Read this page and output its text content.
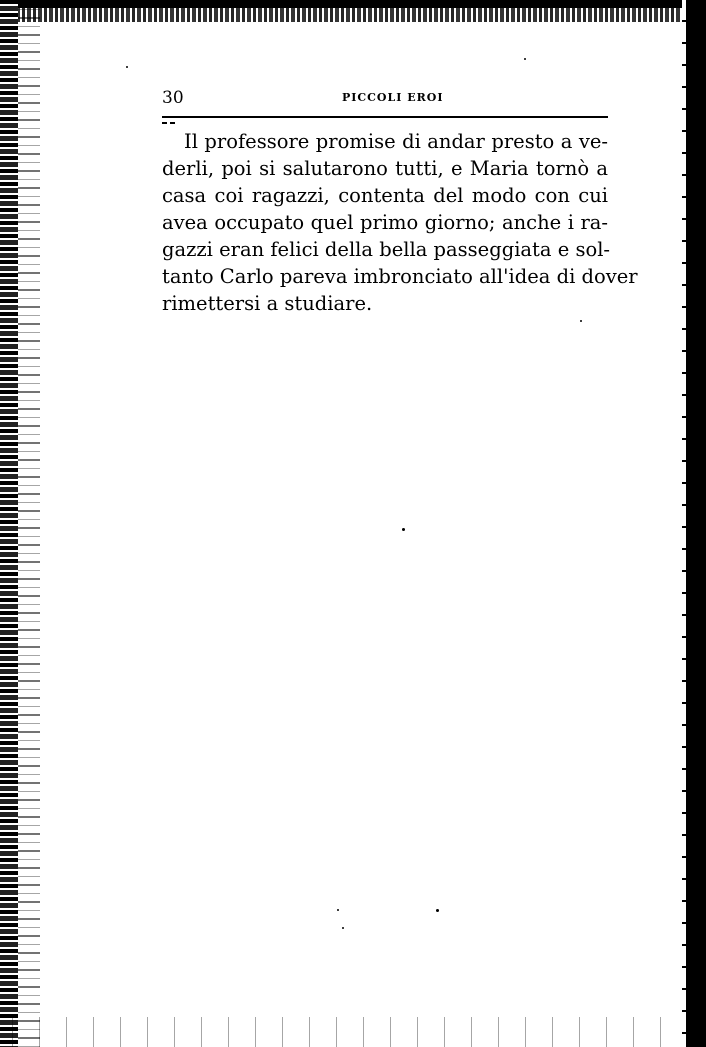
30	PICCOLI EROI
Il professore promise di andar presto a ve-
derli, poi si salutarono tutti, e Maria tornò a
casa coi ragazzi, contenta del modo con cui
avea occupato quel primo giorno; anche i ra-
gazzi eran felici della bella passeggiata e sol-
tanto Carlo pareva imbronciato all'idea di dover
rimettersi a studiare.
